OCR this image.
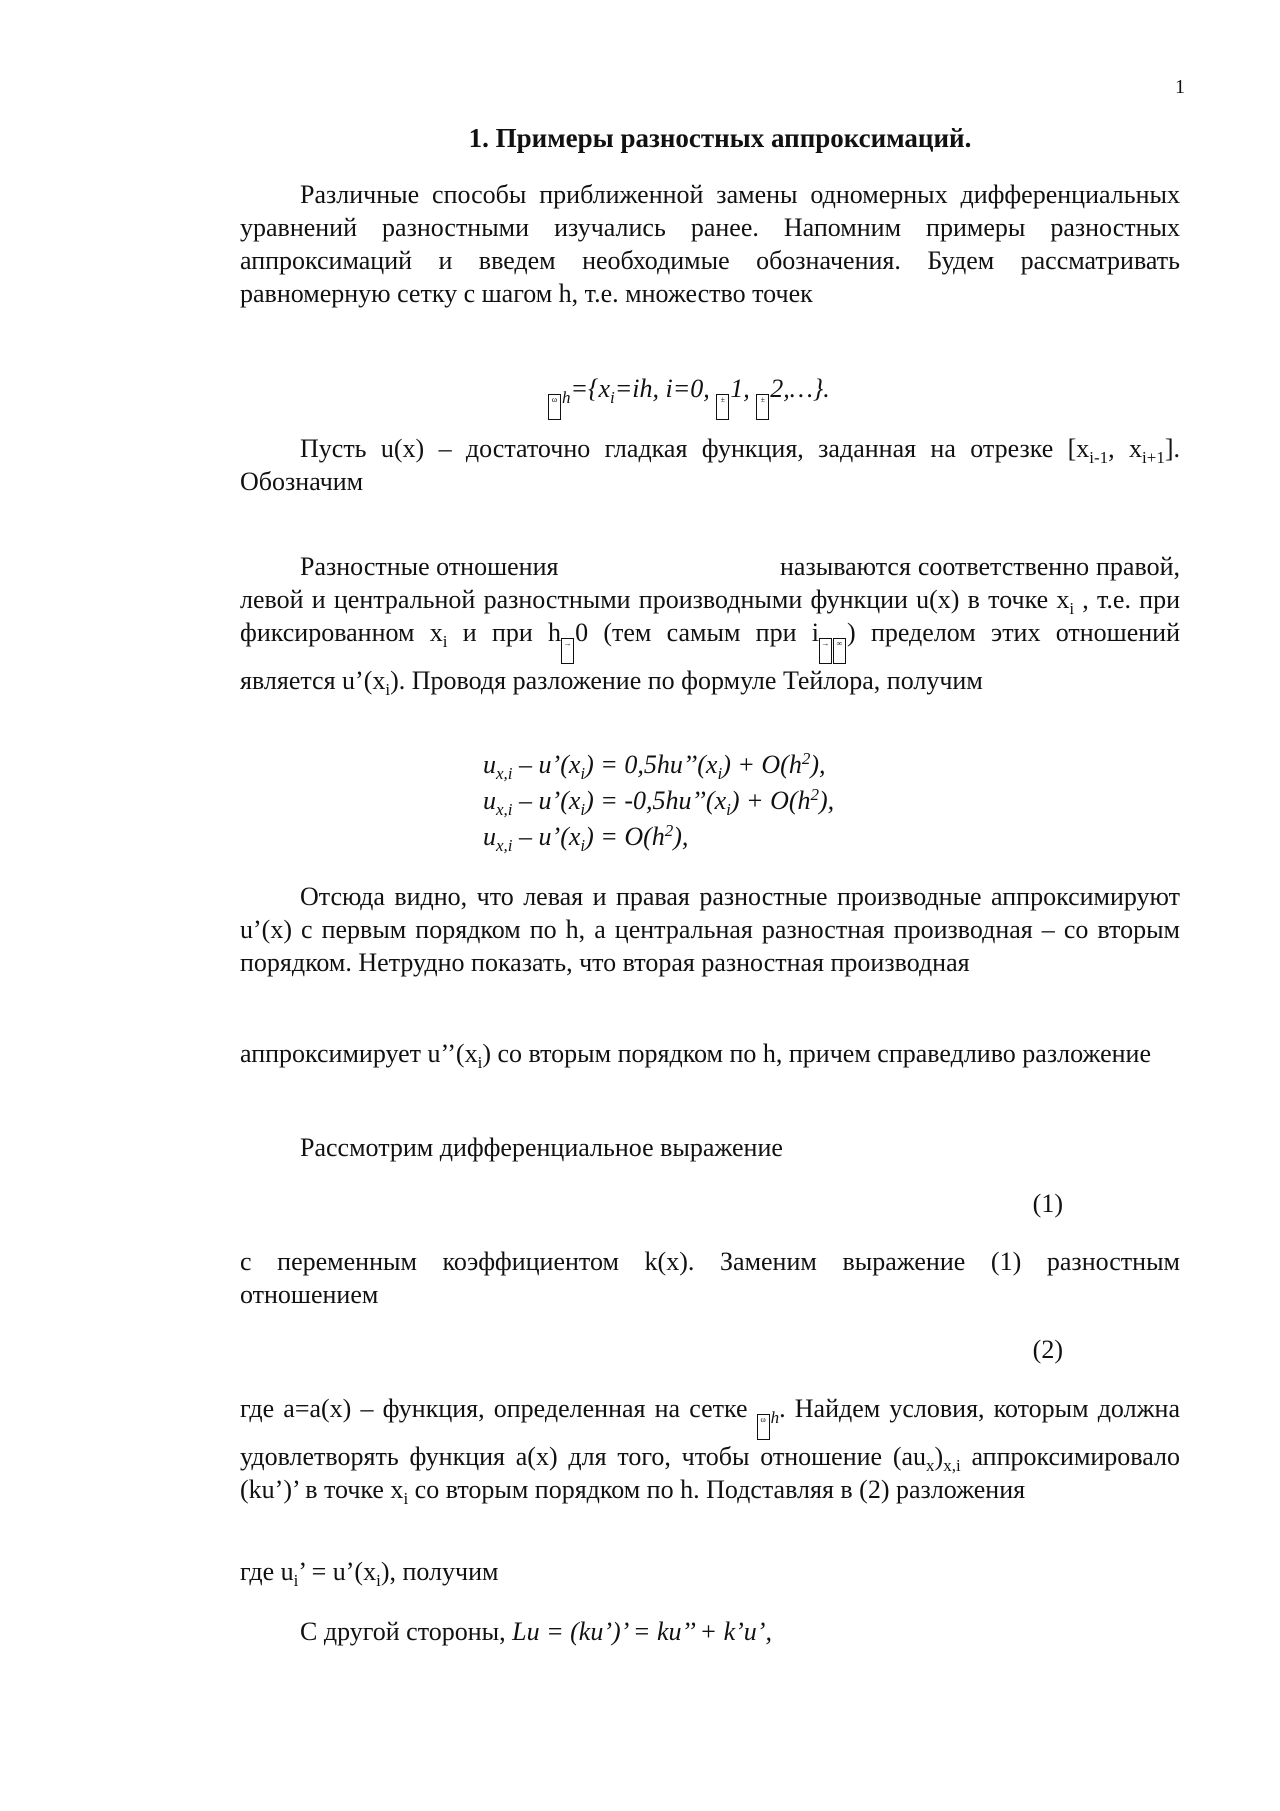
1
1. Примеры разностных аппроксимаций.
Различные способы приближенной замены одномерных дифференциальных уравнений разностными изучались ранее. Напомним примеры разностных аппроксимаций и введем необходимые обозначения. Будем рассматривать равномерную сетку с шагом h, т.е. множество точек
ω $_h=\{x_i=ih$, i=0, ± 1, ± 2,…}.
Пусть u(x) – достаточно гладкая функция, заданная на отрезке [$x_{i-1}$, $x_{i+1}$]. Обозначим
Разностные отношения	называются соответственно правой, левой и центральной разностными производными функции u(x) в точке $x_i$ , т.е. при фиксированном $x_i$ и при h → 0 (тем самым при i → ∞ ) пределом этих отношений является $u’(x_i)$. Проводя разложение по формуле Тейлора, получим
$u_{x,i}$ – $u’(x_i)$ = $0,5hu’’(x_i) + O(h^2)$,
$u_{x,i}$ – $u’(x_i)$ = $-0,5hu’’(x_i) + O(h^2)$,
$u_{x,i}$ – $u’(x_i) = O(h^2)$,
Отсюда видно, что левая и правая разностные производные аппроксимируют u’(x) с первым порядком по h, а центральная разностная производная – со вторым порядком. Нетрудно показать, что вторая разностная производная
аппроксимирует $u’’(x_i)$ со вторым порядком по h, причем справедливо разложение
Рассмотрим дифференциальное выражение
(1)
с переменным коэффициентом k(x). Заменим выражение (1) разностным отношением
(2)
где a=a(x) – функция, определенная на сетке ω $_h$. Найдем условия, которым должна удовлетворять функция a(x) для того, чтобы отношение $(au_x)_{x,i}$ аппроксимировало (ku’)’ в точке $x_i$ со вторым порядком по h. Подставляя в (2) разложения
где $u_i$’ = $u’(x_i)$, получим
С другой стороны, Lu = (ku’)’ = ku’’ + k’u’,
